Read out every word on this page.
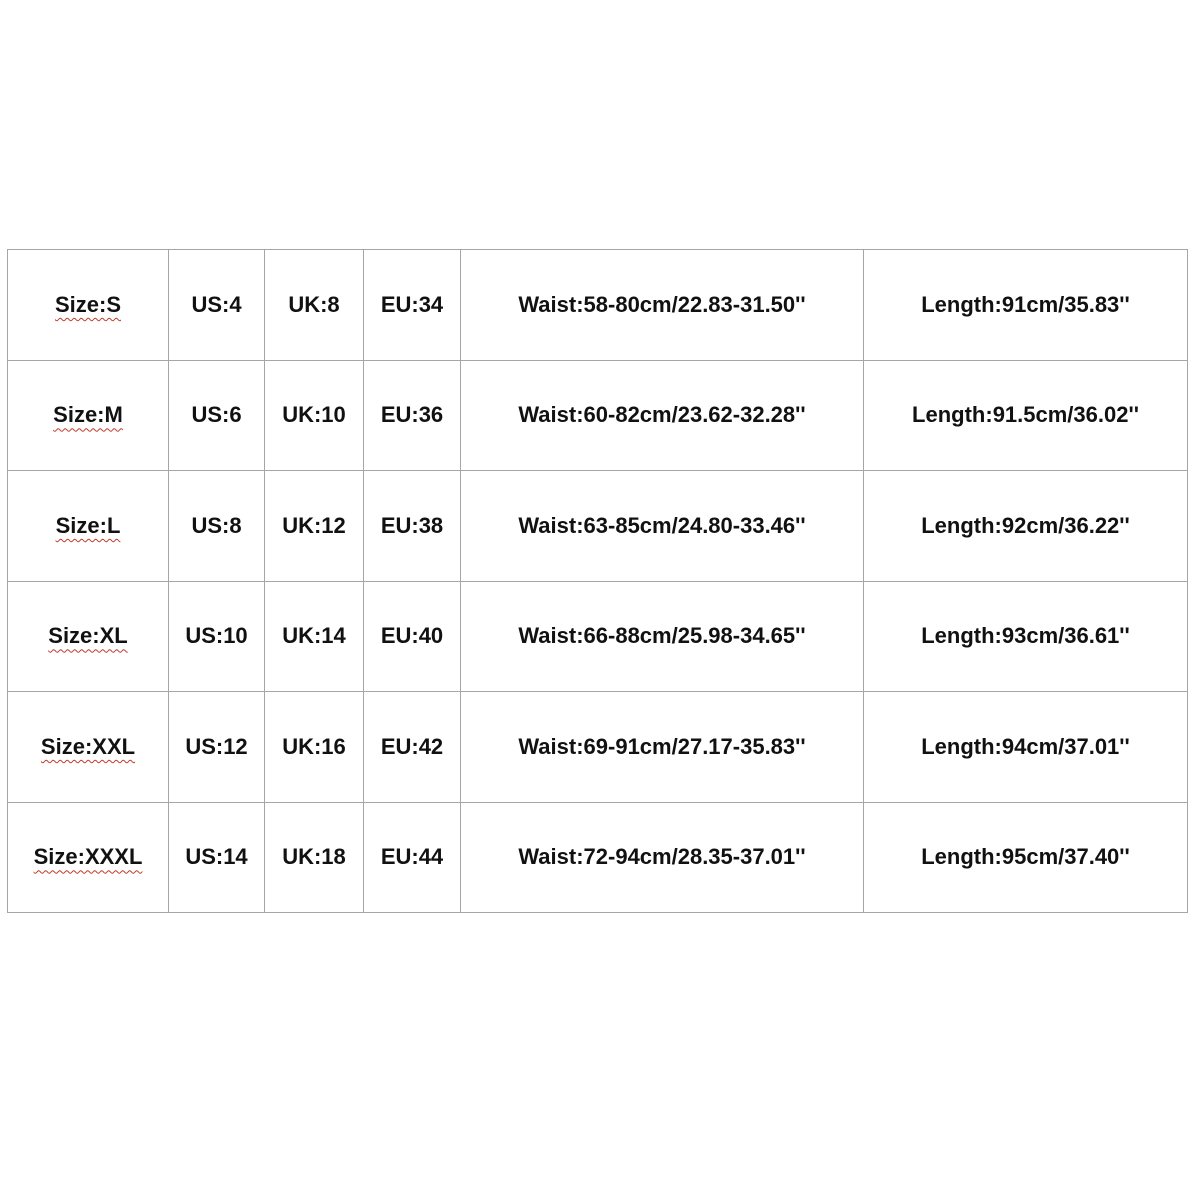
Size:S	US:4	UK:8	EU:34	Waist:58-80cm/22.83-31.50''	Length:91cm/35.83''
Size:M	US:6	UK:10	EU:36	Waist:60-82cm/23.62-32.28''	Length:91.5cm/36.02''
Size:L	US:8	UK:12	EU:38	Waist:63-85cm/24.80-33.46''	Length:92cm/36.22''
Size:XL	US:10	UK:14	EU:40	Waist:66-88cm/25.98-34.65''	Length:93cm/36.61''
Size:XXL	US:12	UK:16	EU:42	Waist:69-91cm/27.17-35.83''	Length:94cm/37.01''
Size:XXXL	US:14	UK:18	EU:44	Waist:72-94cm/28.35-37.01''	Length:95cm/37.40''
